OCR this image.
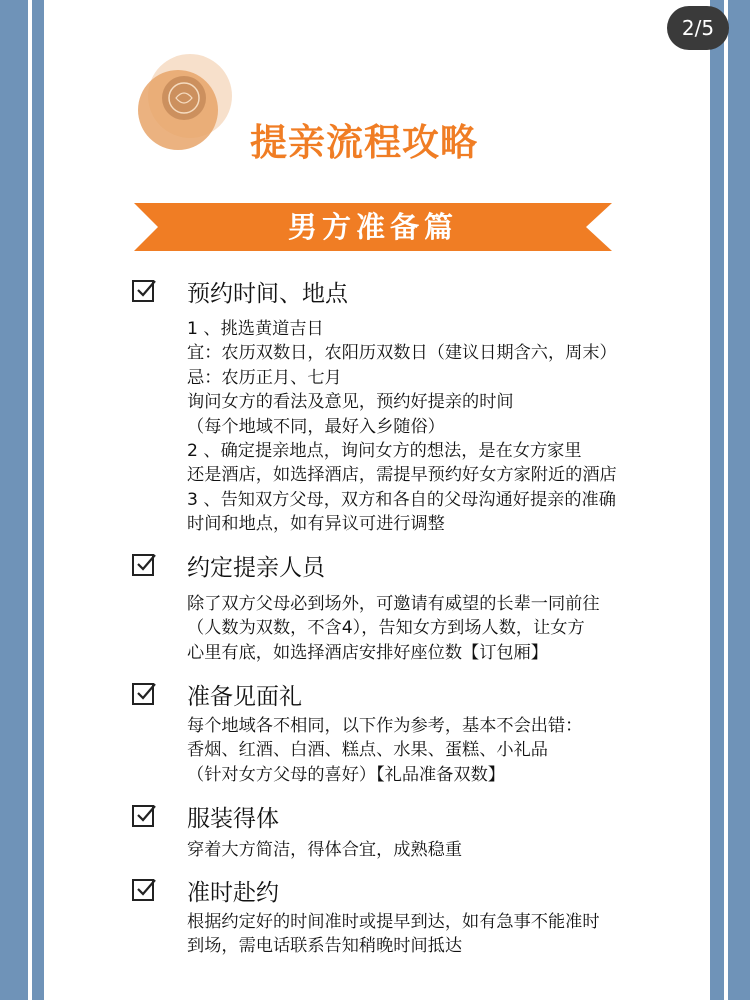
2/5
提亲流程攻略
男方准备篇
预约时间、地点
1 、挑选黄道吉日
宜：农历双数日，农阳历双数日（建议日期含六，周末）
忌：农历正月、七月
询问女方的看法及意见，预约好提亲的时间
（每个地域不同，最好入乡随俗）
2 、确定提亲地点，询问女方的想法，是在女方家里
还是酒店，如选择酒店，需提早预约好女方家附近的酒店
3 、告知双方父母，双方和各自的父母沟通好提亲的准确
时间和地点，如有异议可进行调整
约定提亲人员
除了双方父母必到场外，可邀请有威望的长辈一同前往
（人数为双数，不含4），告知女方到场人数，让女方
心里有底，如选择酒店安排好座位数【订包厢】
准备见面礼
每个地域各不相同，以下作为参考，基本不会出错：
香烟、红酒、白酒、糕点、水果、蛋糕、小礼品
（针对女方父母的喜好）【礼品准备双数】
服装得体
穿着大方简洁，得体合宜，成熟稳重
准时赴约
根据约定好的时间准时或提早到达，如有急事不能准时
到场，需电话联系告知稍晚时间抵达
